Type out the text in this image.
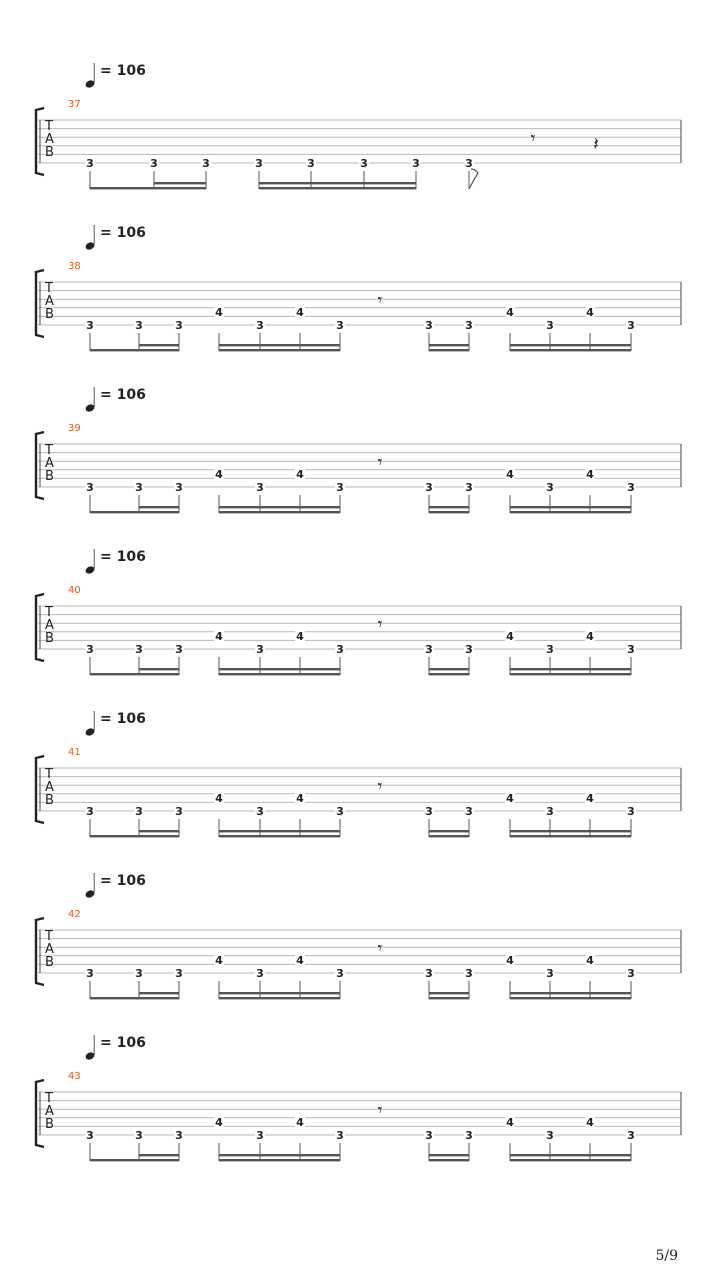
= 106
37
T
A
B
3	3	3	3	3	3	3	3
𝄾	𝄽
= 106
38
T
A
B
3	3	3
4
3
4
3	3	3
4
3
4
3
𝄾
= 106
39
T
A
B
3	3	3
4
3
4
3	3	3
4
3
4
3
𝄾
= 106
40
T
A
B
3	3	3
4
3
4
3	3	3
4
3
4
3
𝄾
= 106
41
T
A
B
3	3	3
4
3
4
3	3	3
4
3
4
3
𝄾
= 106
42
T
A
B
3	3	3
4
3
4
3	3	3
4
3
4
3
𝄾
= 106
43
T
A
B
3	3	3
4
3
4
3	3	3
4
3
4
3
𝄾
5/9
